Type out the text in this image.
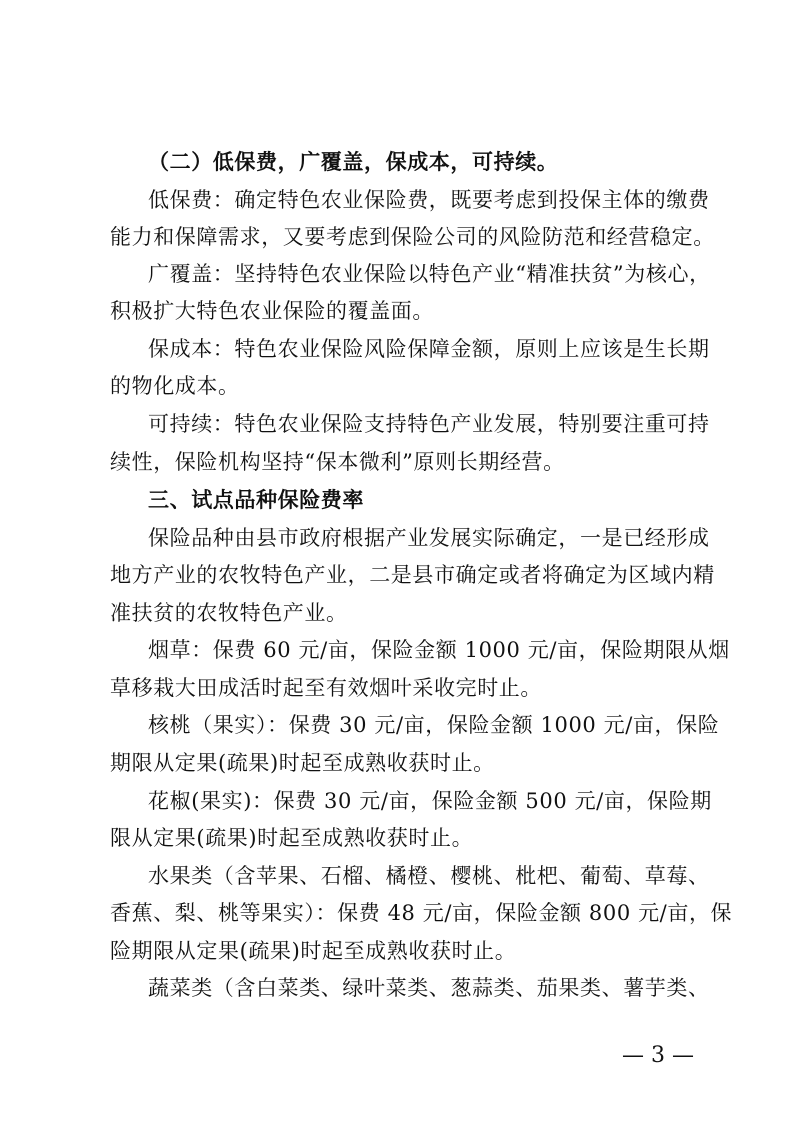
（二）低保费，广覆盖，保成本，可持续。
低保费：确定特色农业保险费，既要考虑到投保主体的缴费
能力和保障需求，又要考虑到保险公司的风险防范和经营稳定。
广覆盖：坚持特色农业保险以特色产业“精准扶贫”为核心，
积极扩大特色农业保险的覆盖面。
保成本：特色农业保险风险保障金额，原则上应该是生长期
的物化成本。
可持续：特色农业保险支持特色产业发展，特别要注重可持
续性，保险机构坚持“保本微利”原则长期经营。
三、试点品种保险费率
保险品种由县市政府根据产业发展实际确定，一是已经形成
地方产业的农牧特色产业，二是县市确定或者将确定为区域内精
准扶贫的农牧特色产业。
烟草：保费 60 元/亩，保险金额 1000 元/亩，保险期限从烟
草移栽大田成活时起至有效烟叶采收完时止。
核桃（果实）：保费 30 元/亩，保险金额 1000 元/亩，保险
期限从定果(疏果)时起至成熟收获时止。
花椒(果实)：保费 30 元/亩，保险金额 500 元/亩，保险期
限从定果(疏果)时起至成熟收获时止。
水果类（含苹果、石榴、橘橙、樱桃、枇杷、葡萄、草莓、
香蕉、梨、桃等果实）：保费 48 元/亩，保险金额 800 元/亩，保
险期限从定果(疏果)时起至成熟收获时止。
蔬菜类（含白菜类、绿叶菜类、葱蒜类、茄果类、薯芋类、
— 3 —
